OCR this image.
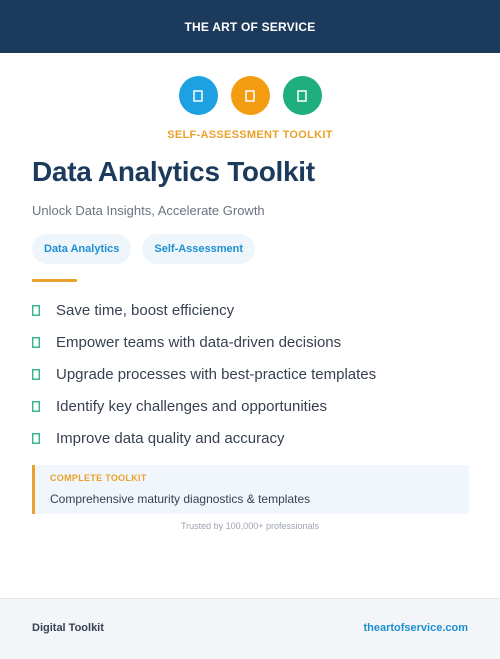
THE ART OF SERVICE
SELF-ASSESSMENT TOOLKIT
Data Analytics Toolkit
Unlock Data Insights, Accelerate Growth
Data Analytics	Self-Assessment
Save time, boost efficiency
Empower teams with data-driven decisions
Upgrade processes with best-practice templates
Identify key challenges and opportunities
Improve data quality and accuracy
COMPLETE TOOLKIT
Comprehensive maturity diagnostics & templates
Trusted by 100,000+ professionals
Digital Toolkit	theartofservice.com
